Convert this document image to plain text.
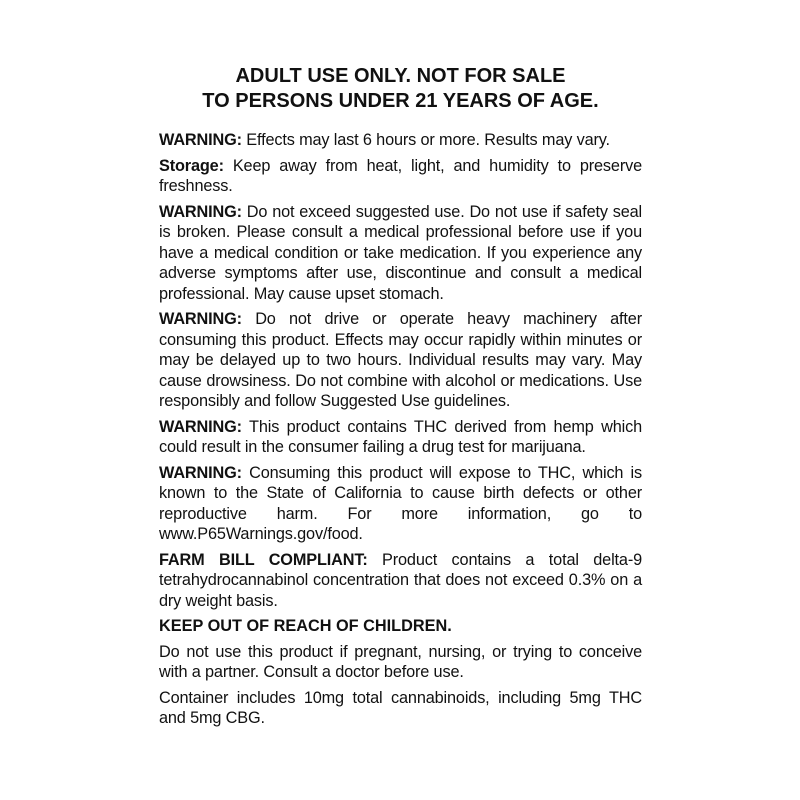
ADULT USE ONLY. NOT FOR SALE
TO PERSONS UNDER 21 YEARS OF AGE.

WARNING: Effects may last 6 hours or more. Results may vary.

Storage: Keep away from heat, light, and humidity to preserve freshness.

WARNING: Do not exceed suggested use. Do not use if safety seal is broken. Please consult a medical professional before use if you have a medical condition or take medication. If you experience any adverse symptoms after use, discontinue and consult a medical professional. May cause upset stomach.

WARNING: Do not drive or operate heavy machinery after consuming this product. Effects may occur rapidly within minutes or may be delayed up to two hours. Individual results may vary. May cause drowsiness. Do not combine with alcohol or medications. Use responsibly and follow Suggested Use guidelines.

WARNING: This product contains THC derived from hemp which could result in the consumer failing a drug test for marijuana.

WARNING: Consuming this product will expose to THC, which is known to the State of California to cause birth defects or other reproductive harm. For more information, go to www.P65Warnings.gov/food.

FARM BILL COMPLIANT: Product contains a total delta-9 tetrahydrocannabinol concentration that does not exceed 0.3% on a dry weight basis.

KEEP OUT OF REACH OF CHILDREN.

Do not use this product if pregnant, nursing, or trying to conceive with a partner. Consult a doctor before use.

Container includes 10mg total cannabinoids, including 5mg THC and 5mg CBG.
